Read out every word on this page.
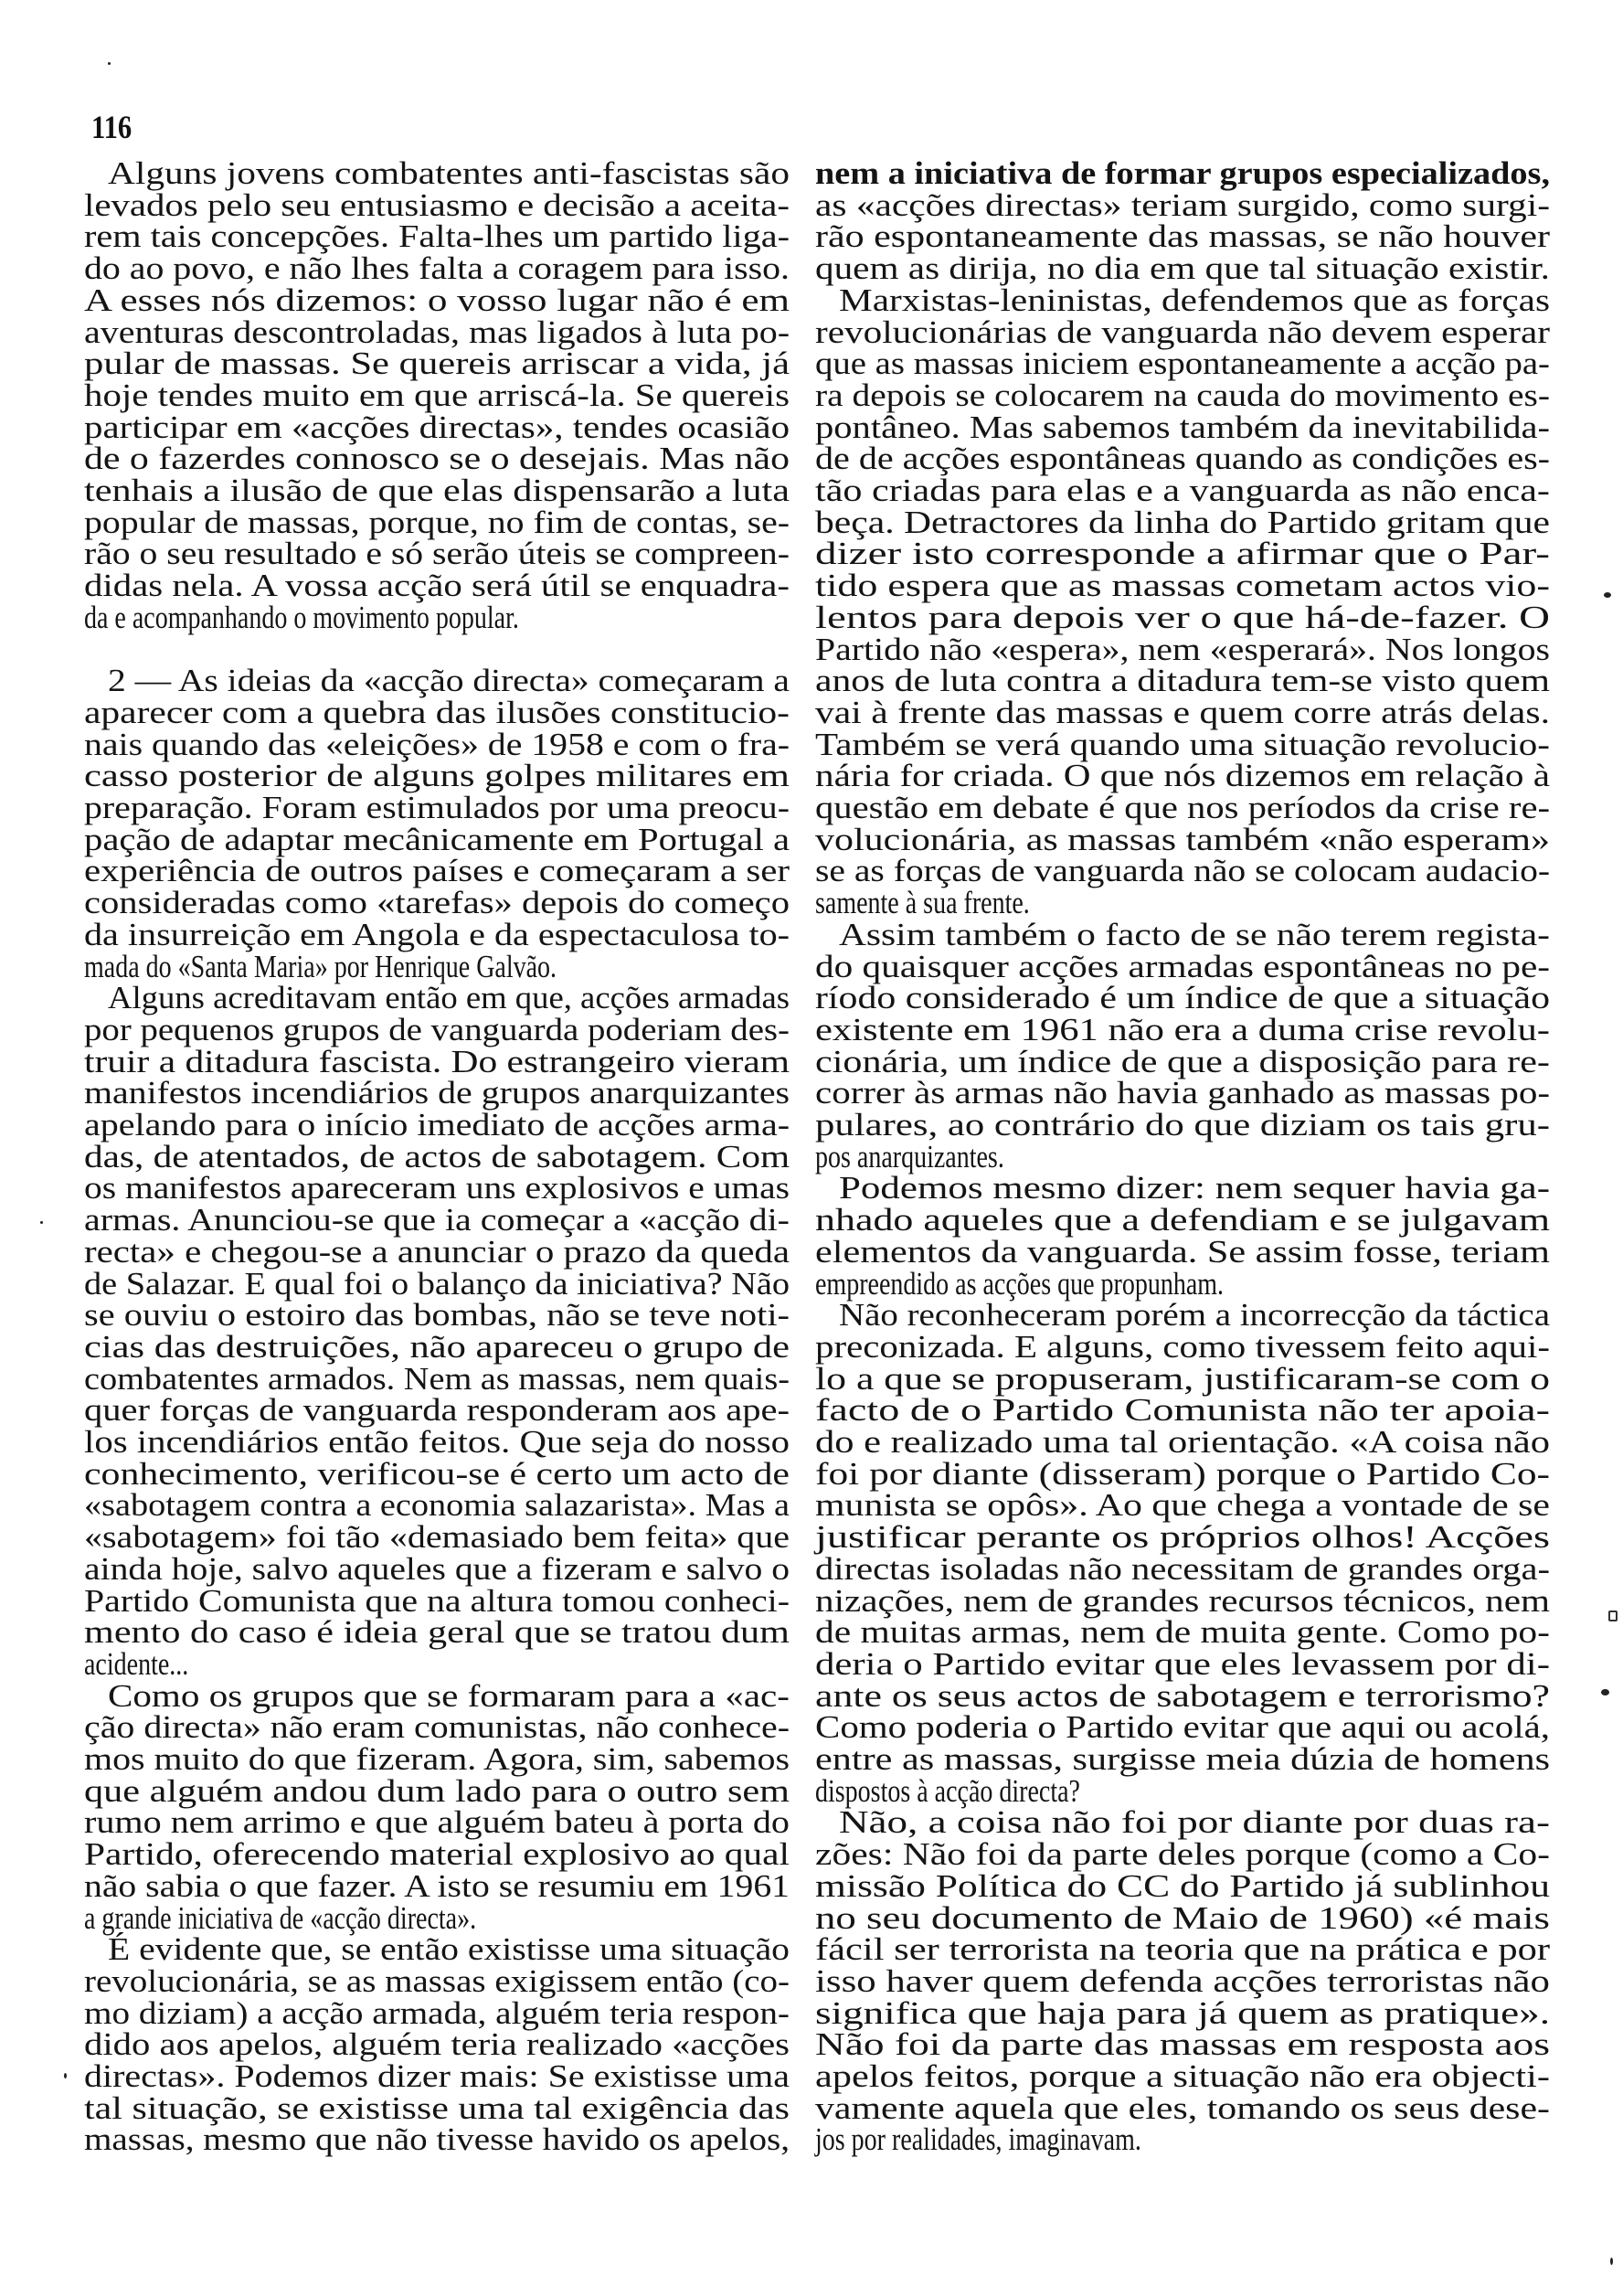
116
Alguns jovens combatentes anti-fascistas são
levados pelo seu entusiasmo e decisão a aceita-
rem tais concepções. Falta-lhes um partido liga-
do ao povo, e não lhes falta a coragem para isso.
A esses nós dizemos: o vosso lugar não é em
aventuras descontroladas, mas ligados à luta po-
pular de massas. Se quereis arriscar a vida, já
hoje tendes muito em que arriscá-la. Se quereis
participar em «acções directas», tendes ocasião
de o fazerdes connosco se o desejais. Mas não
tenhais a ilusão de que elas dispensarão a luta
popular de massas, porque, no fim de contas, se-
rão o seu resultado e só serão úteis se compreen-
didas nela. A vossa acção será útil se enquadra-
da e acompanhando o movimento popular.
2 — As ideias da «acção directa» começaram a
aparecer com a quebra das ilusões constitucio-
nais quando das «eleições» de 1958 e com o fra-
casso posterior de alguns golpes militares em
preparação. Foram estimulados por uma preocu-
pação de adaptar mecânicamente em Portugal a
experiência de outros países e começaram a ser
consideradas como «tarefas» depois do começo
da insurreição em Angola e da espectaculosa to-
mada do «Santa Maria» por Henrique Galvão.
Alguns acreditavam então em que, acções armadas
por pequenos grupos de vanguarda poderiam des-
truir a ditadura fascista. Do estrangeiro vieram
manifestos incendiários de grupos anarquizantes
apelando para o início imediato de acções arma-
das, de atentados, de actos de sabotagem. Com
os manifestos apareceram uns explosivos e umas
armas. Anunciou-se que ia começar a «acção di-
recta» e chegou-se a anunciar o prazo da queda
de Salazar. E qual foi o balanço da iniciativa? Não
se ouviu o estoiro das bombas, não se teve noti-
cias das destruições, não apareceu o grupo de
combatentes armados. Nem as massas, nem quais-
quer forças de vanguarda responderam aos ape-
los incendiários então feitos. Que seja do nosso
conhecimento, verificou-se é certo um acto de
«sabotagem contra a economia salazarista». Mas a
«sabotagem» foi tão «demasiado bem feita» que
ainda hoje, salvo aqueles que a fizeram e salvo o
Partido Comunista que na altura tomou conheci-
mento do caso é ideia geral que se tratou dum
acidente...
Como os grupos que se formaram para a «ac-
ção directa» não eram comunistas, não conhece-
mos muito do que fizeram. Agora, sim, sabemos
que alguém andou dum lado para o outro sem
rumo nem arrimo e que alguém bateu à porta do
Partido, oferecendo material explosivo ao qual
não sabia o que fazer. A isto se resumiu em 1961
a grande iniciativa de «acção directa».
É evidente que, se então existisse uma situação
revolucionária, se as massas exigissem então (co-
mo diziam) a acção armada, alguém teria respon-
dido aos apelos, alguém teria realizado «acções
directas». Podemos dizer mais: Se existisse uma
tal situação, se existisse uma tal exigência das
massas, mesmo que não tivesse havido os apelos,
nem a iniciativa de formar grupos especializados,
as «acções directas» teriam surgido, como surgi-
rão espontaneamente das massas, se não houver
quem as dirija, no dia em que tal situação existir.
Marxistas-leninistas, defendemos que as forças
revolucionárias de vanguarda não devem esperar
que as massas iniciem espontaneamente a acção pa-
ra depois se colocarem na cauda do movimento es-
pontâneo. Mas sabemos também da inevitabilida-
de de acções espontâneas quando as condições es-
tão criadas para elas e a vanguarda as não enca-
beça. Detractores da linha do Partido gritam que
dizer isto corresponde a afirmar que o Par-
tido espera que as massas cometam actos vio-
lentos para depois ver o que há-de-fazer. O
Partido não «espera», nem «esperará». Nos longos
anos de luta contra a ditadura tem-se visto quem
vai à frente das massas e quem corre atrás delas.
Também se verá quando uma situação revolucio-
nária for criada. O que nós dizemos em relação à
questão em debate é que nos períodos da crise re-
volucionária, as massas também «não esperam»
se as forças de vanguarda não se colocam audacio-
samente à sua frente.
Assim também o facto de se não terem regista-
do quaisquer acções armadas espontâneas no pe-
ríodo considerado é um índice de que a situação
existente em 1961 não era a duma crise revolu-
cionária, um índice de que a disposição para re-
correr às armas não havia ganhado as massas po-
pulares, ao contrário do que diziam os tais gru-
pos anarquizantes.
Podemos mesmo dizer: nem sequer havia ga-
nhado aqueles que a defendiam e se julgavam
elementos da vanguarda. Se assim fosse, teriam
empreendido as acções que propunham.
Não reconheceram porém a incorrecção da táctica
preconizada. E alguns, como tivessem feito aqui-
lo a que se propuseram, justificaram-se com o
facto de o Partido Comunista não ter apoia-
do e realizado uma tal orientação. «A coisa não
foi por diante (disseram) porque o Partido Co-
munista se opôs». Ao que chega a vontade de se
justificar perante os próprios olhos! Acções
directas isoladas não necessitam de grandes orga-
nizações, nem de grandes recursos técnicos, nem
de muitas armas, nem de muita gente. Como po-
deria o Partido evitar que eles levassem por di-
ante os seus actos de sabotagem e terrorismo?
Como poderia o Partido evitar que aqui ou acolá,
entre as massas, surgisse meia dúzia de homens
dispostos à acção directa?
Não, a coisa não foi por diante por duas ra-
zões: Não foi da parte deles porque (como a Co-
missão Política do CC do Partido já sublinhou
no seu documento de Maio de 1960) «é mais
fácil ser terrorista na teoria que na prática e por
isso haver quem defenda acções terroristas não
significa que haja para já quem as pratique».
Não foi da parte das massas em resposta aos
apelos feitos, porque a situação não era objecti-
vamente aquela que eles, tomando os seus dese-
jos por realidades, imaginavam.
